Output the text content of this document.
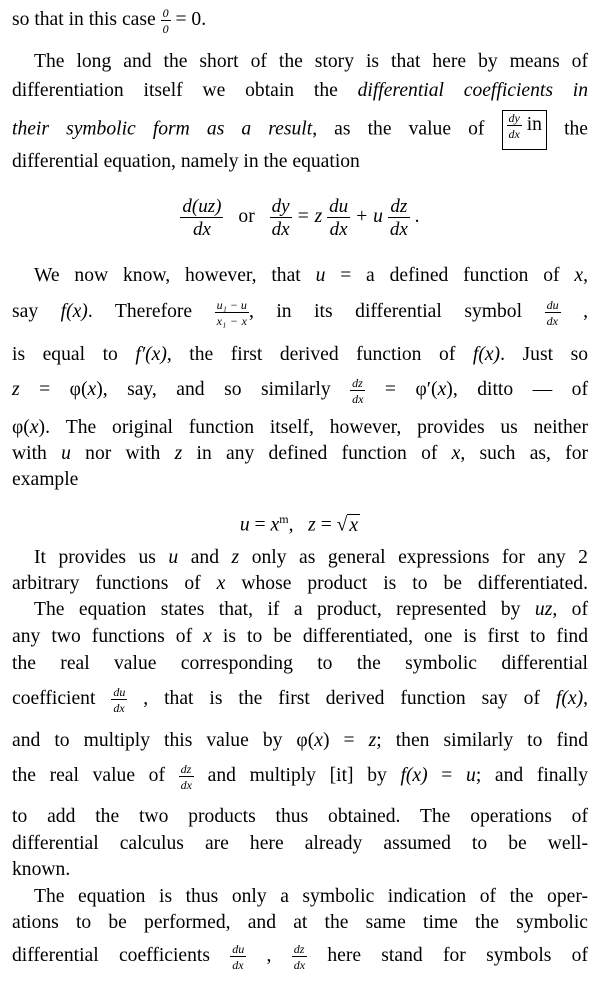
so that in this case $\frac{0}{0} = 0$.
The long and the short of the story is that here by means of
differentiation itself we obtain the differential coefficients in
their symbolic form as a result, as the value of $\frac{dy}{dx}$ in the
differential equation, namely in the equation
$\frac{d(uz)}{dx}$ or $\frac{dy}{dx} = z \frac{du}{dx} + u \frac{dz}{dx}$ .
We now know, however, that u = a defined function of x,
say f(x). Therefore $\frac{\text{u₁ − u}}{\text{x₁ − x}}$ , in its differential symbol $\frac{du}{dx}$ ,
is equal to f′(x), the first derived function of f(x). Just so
z = φ(x), say, and so similarly $\frac{dz}{dx} = \varphi'(x)$, ditto — of
φ(x). The original function itself, however, provides us neither
with u nor with z in any defined function of x, such as, for
example
$u = x^m$,   z = √ x
It provides us u and z only as general expressions for any 2
arbitrary functions of x whose product is to be differentiated.
The equation states that, if a product, represented by uz, of
any two functions of x is to be differentiated, one is first to find
the real value corresponding to the symbolic differential
coefficient $\frac{du}{dx}$ , that is the first derived function say of f(x),
and to multiply this value by φ(x) = z; then similarly to find
the real value of $\frac{dz}{dx}$ and multiply [it] by f(x) = u; and finally
to add the two products thus obtained. The operations of
differential calculus are here already assumed to be well-
known.
The equation is thus only a symbolic indication of the oper-
ations to be performed, and at the same time the symbolic
differential coefficients $\frac{du}{dx}$ , $\frac{dz}{dx}$ here stand for symbols of
